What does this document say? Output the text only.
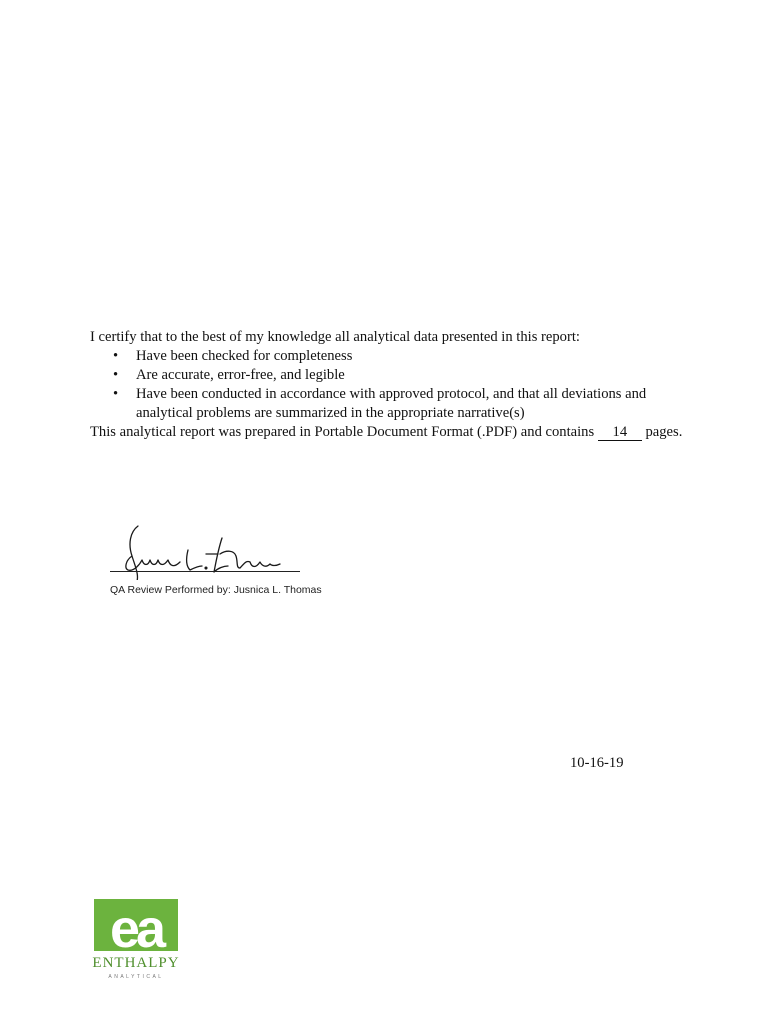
I certify that to the best of my knowledge all analytical data presented in this report:

• Have been checked for completeness
• Are accurate, error-free, and legible
• Have been conducted in accordance with approved protocol, and that all deviations and analytical problems are summarized in the appropriate narrative(s)

This analytical report was prepared in Portable Document Format (.PDF) and contains 14 pages.

QA Review Performed by: Jusnica L. Thomas
10-16-19
ea
ENTHALPY
ANALYTICAL
